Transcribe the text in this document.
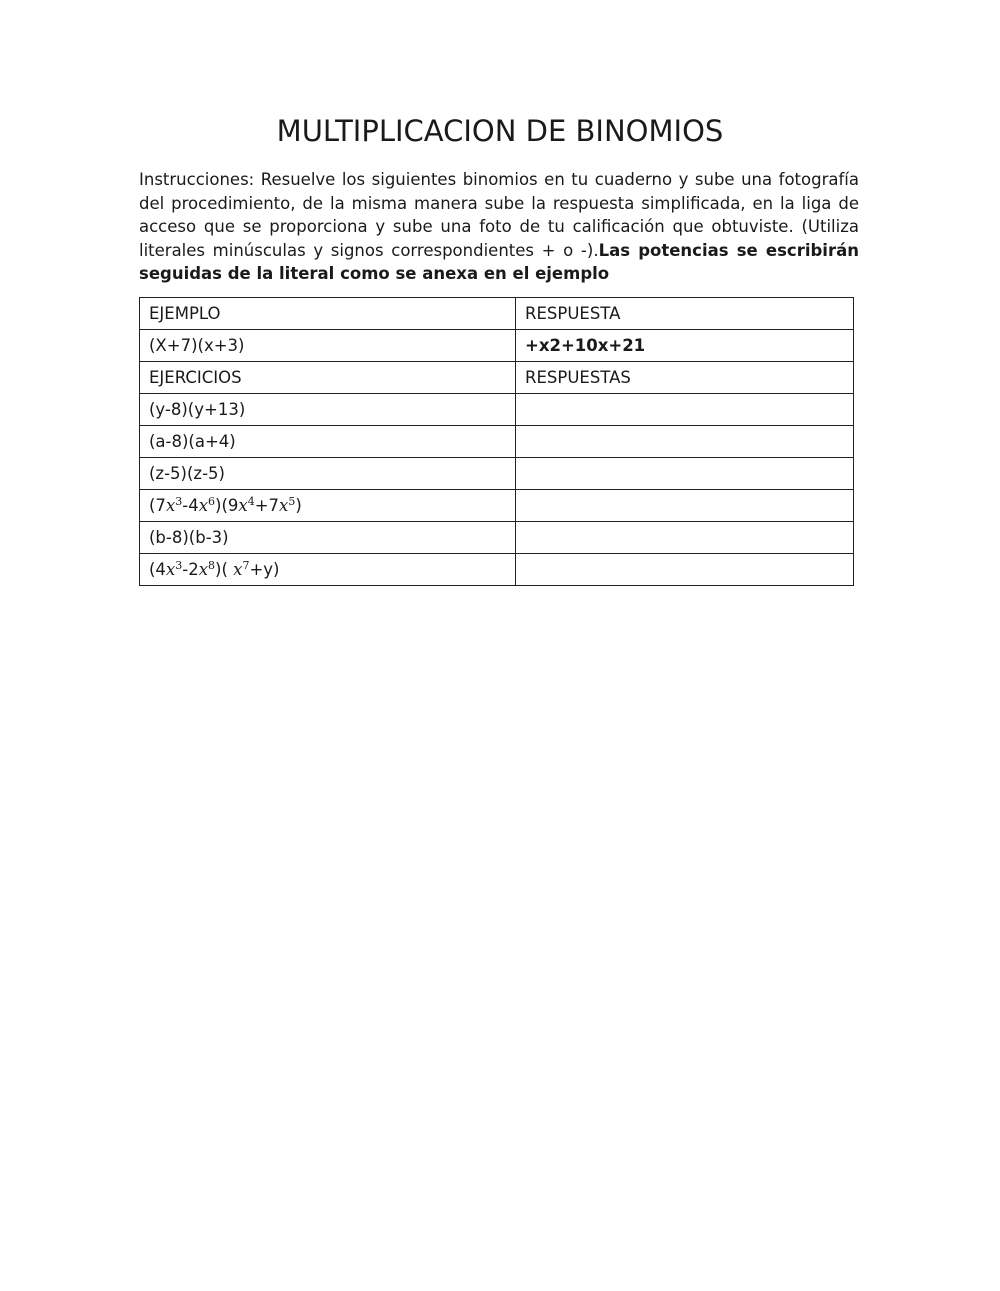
MULTIPLICACION DE BINOMIOS

Instrucciones: Resuelve los siguientes binomios en tu cuaderno y sube una fotografía del procedimiento, de la misma manera sube la respuesta simplificada, en la liga de acceso que se proporciona y sube una foto de tu calificación que obtuviste. (Utiliza literales minúsculas y signos correspondientes + o -).Las potencias se escribirán seguidas de la literal como se anexa en el ejemplo

EJEMPLO	RESPUESTA
(X+7)(x+3)	+x2+10x+21
EJERCICIOS	RESPUESTAS
(y-8)(y+13)	
(a-8)(a+4)	
(z-5)(z-5)	
$(7x^3-4x^6)(9x^4+7x^5)$	
(b-8)(b-3)	
$(4x^3-2x^8)$( $x^7+y$)	
